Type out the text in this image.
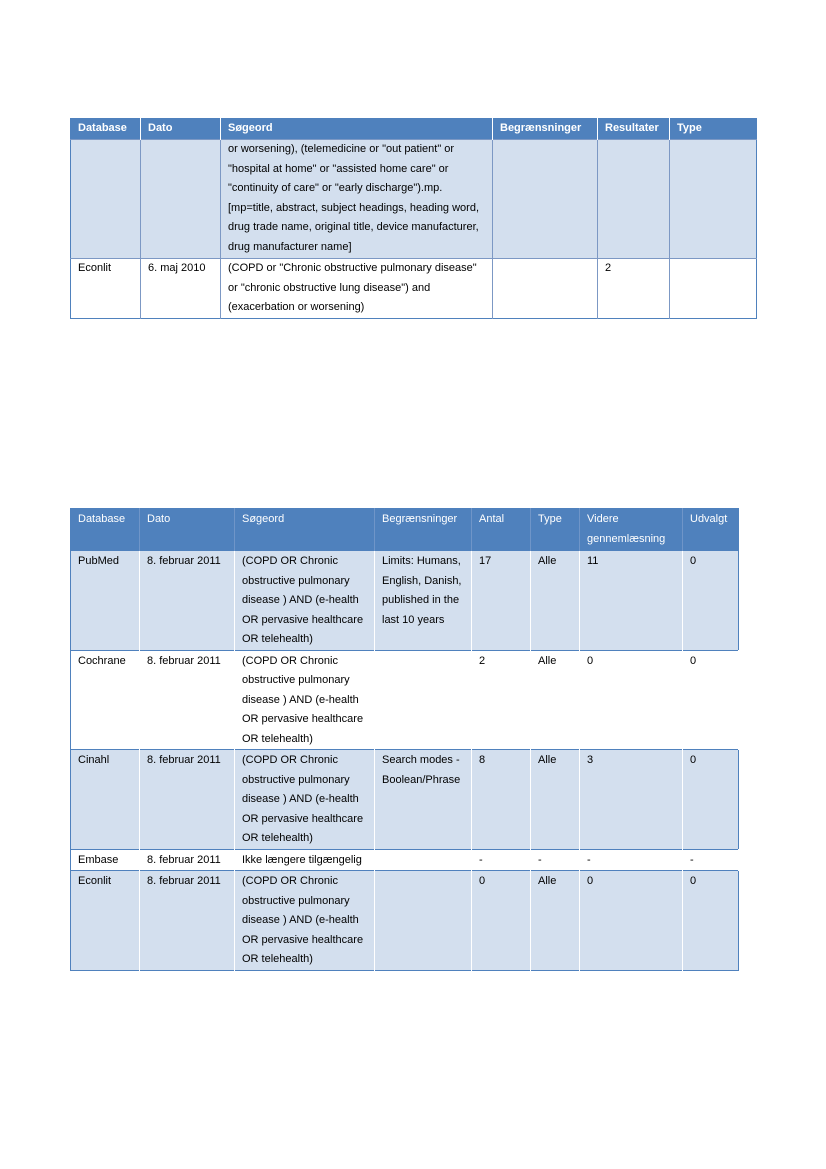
Database	Dato	Søgeord	Begrænsninger	Resultater	Type
		or worsening), (telemedicine or "out patient" or "hospital at home" or "assisted home care" or "continuity of care" or "early discharge").mp. [mp=title, abstract, subject headings, heading word, drug trade name, original title, device manufacturer, drug manufacturer name]			
Econlit	6. maj 2010	(COPD or "Chronic obstructive pulmonary disease" or "chronic obstructive lung disease") and (exacerbation or worsening)		2	
Database	Dato	Søgeord	Begrænsninger	Antal	Type	Videre gennemlæsning	Udvalgt
PubMed	8. februar 2011	(COPD OR Chronic obstructive pulmonary disease ) AND (e-health OR pervasive healthcare OR telehealth)	Limits: Humans, English, Danish, published in the last 10 years	17	Alle	11	0
Cochrane	8. februar 2011	(COPD OR Chronic obstructive pulmonary disease ) AND (e-health OR pervasive healthcare OR telehealth)		2	Alle	0	0
Cinahl	8. februar 2011	(COPD OR Chronic obstructive pulmonary disease ) AND (e-health OR pervasive healthcare OR telehealth)	Search modes - Boolean/Phrase	8	Alle	3	0
Embase	8. februar 2011	Ikke længere tilgængelig		-	-	-	-
Econlit	8. februar 2011	(COPD OR Chronic obstructive pulmonary disease ) AND (e-health OR pervasive healthcare OR telehealth)		0	Alle	0	0
